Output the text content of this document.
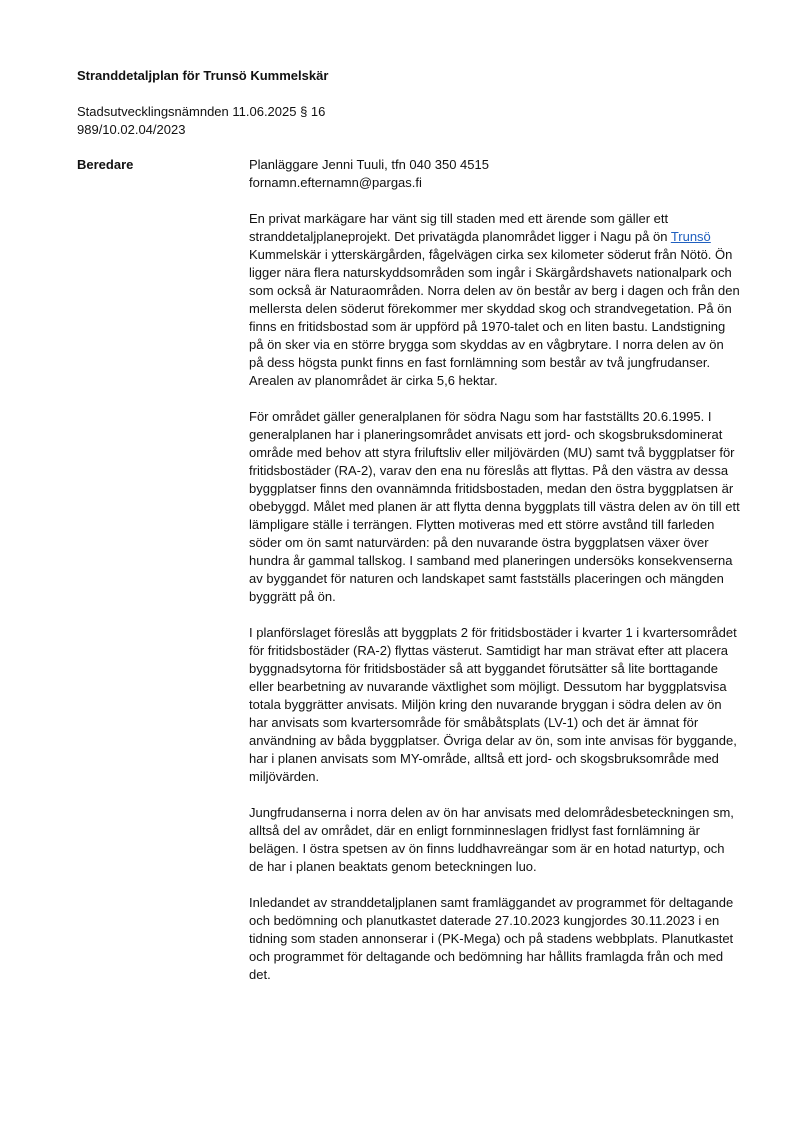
Stranddetaljplan för Trunsö Kummelskär
Stadsutvecklingsnämnden 11.06.2025 § 16
989/10.02.04/2023
Beredare	Planläggare Jenni Tuuli, tfn 040 350 4515
fornamn.efternamn@pargas.fi

En privat markägare har vänt sig till staden med ett ärende som gäller ett stranddetaljplaneprojekt. Det privatägda planområdet ligger i Nagu på ön Trunsö Kummelskär i ytterskärgården, fågelvägen cirka sex kilometer söderut från Nötö. Ön ligger nära flera naturskyddsområden som ingår i Skärgårdshavets nationalpark och som också är Naturaområden. Norra delen av ön består av berg i dagen och från den mellersta delen söderut förekommer mer skyddad skog och strandvegetation. På ön finns en fritidsbostad som är uppförd på 1970-talet och en liten bastu. Landstigning på ön sker via en större brygga som skyddas av en vågbrytare. I norra delen av ön på dess högsta punkt finns en fast fornlämning som består av två jungfrudanser. Arealen av planområdet är cirka 5,6 hektar.

För området gäller generalplanen för södra Nagu som har fastställts 20.6.1995. I generalplanen har i planeringsområdet anvisats ett jord- och skogsbruksdominerat område med behov att styra friluftsliv eller miljövärden (MU) samt två byggplatser för fritidsbostäder (RA-2), varav den ena nu föreslås att flyttas. På den västra av dessa byggplatser finns den ovannämnda fritidsbostaden, medan den östra byggplatsen är obebyggd. Målet med planen är att flytta denna byggplats till västra delen av ön till ett lämpligare ställe i terrängen. Flytten motiveras med ett större avstånd till farleden söder om ön samt naturvärden: på den nuvarande östra byggplatsen växer över hundra år gammal tallskog. I samband med planeringen undersöks konsekvenserna av byggandet för naturen och landskapet samt fastställs placeringen och mängden byggrätt på ön.

I planförslaget föreslås att byggplats 2 för fritidsbostäder i kvarter 1 i kvartersområdet för fritidsbostäder (RA-2) flyttas västerut. Samtidigt har man strävat efter att placera byggnadsytorna för fritidsbostäder så att byggandet förutsätter så lite borttagande eller bearbetning av nuvarande växtlighet som möjligt. Dessutom har byggplatsvisa totala byggrätter anvisats. Miljön kring den nuvarande bryggan i södra delen av ön har anvisats som kvartersområde för småbåtsplats (LV-1) och det är ämnat för användning av båda byggplatser. Övriga delar av ön, som inte anvisas för byggande, har i planen anvisats som MY-område, alltså ett jord- och skogsbruksområde med miljövärden.

Jungfrudanserna i norra delen av ön har anvisats med delområdesbeteckningen sm, alltså del av området, där en enligt fornminneslagen fridlyst fast fornlämning är belägen. I östra spetsen av ön finns luddhavreängar som är en hotad naturtyp, och de har i planen beaktats genom beteckningen luo.

Inledandet av stranddetaljplanen samt framläggandet av programmet för deltagande och bedömning och planutkastet daterade 27.10.2023 kungjordes 30.11.2023 i en tidning som staden annonserar i (PK-Mega) och på stadens webbplats. Planutkastet och programmet för deltagande och bedömning har hållits framlagda från och med det.
